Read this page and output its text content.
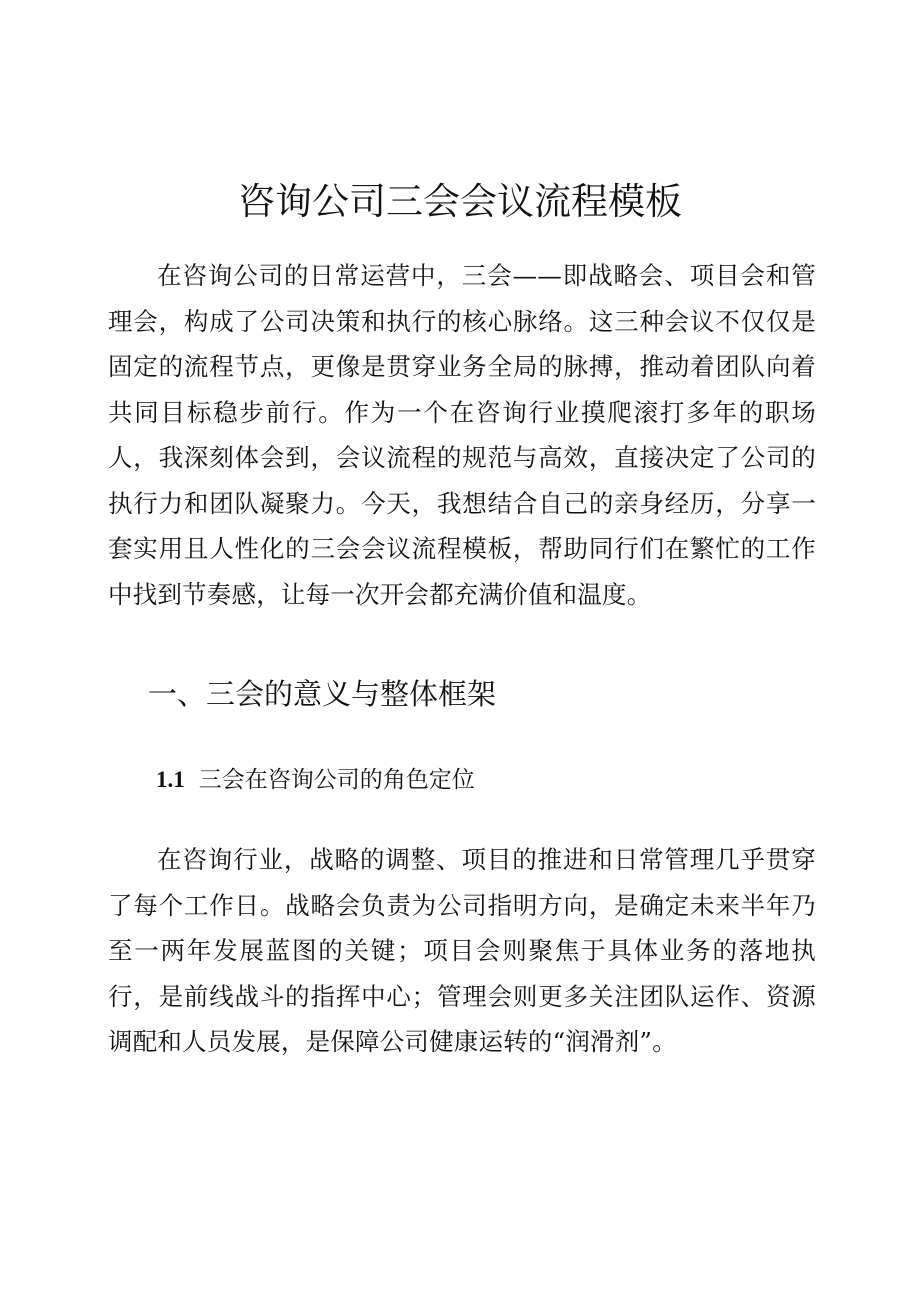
咨询公司三会会议流程模板

在咨询公司的日常运营中，三会——即战略会、项目会和管理会，构成了公司决策和执行的核心脉络。这三种会议不仅仅是固定的流程节点，更像是贯穿业务全局的脉搏，推动着团队向着共同目标稳步前行。作为一个在咨询行业摸爬滚打多年的职场人，我深刻体会到，会议流程的规范与高效，直接决定了公司的执行力和团队凝聚力。今天，我想结合自己的亲身经历，分享一套实用且人性化的三会会议流程模板，帮助同行们在繁忙的工作中找到节奏感，让每一次开会都充满价值和温度。

一、三会的意义与整体框架
1.1 三会在咨询公司的角色定位

在咨询行业，战略的调整、项目的推进和日常管理几乎贯穿了每个工作日。战略会负责为公司指明方向，是确定未来半年乃至一两年发展蓝图的关键；项目会则聚焦于具体业务的落地执行，是前线战斗的指挥中心；管理会则更多关注团队运作、资源调配和人员发展，是保障公司健康运转的“润滑剂”。
